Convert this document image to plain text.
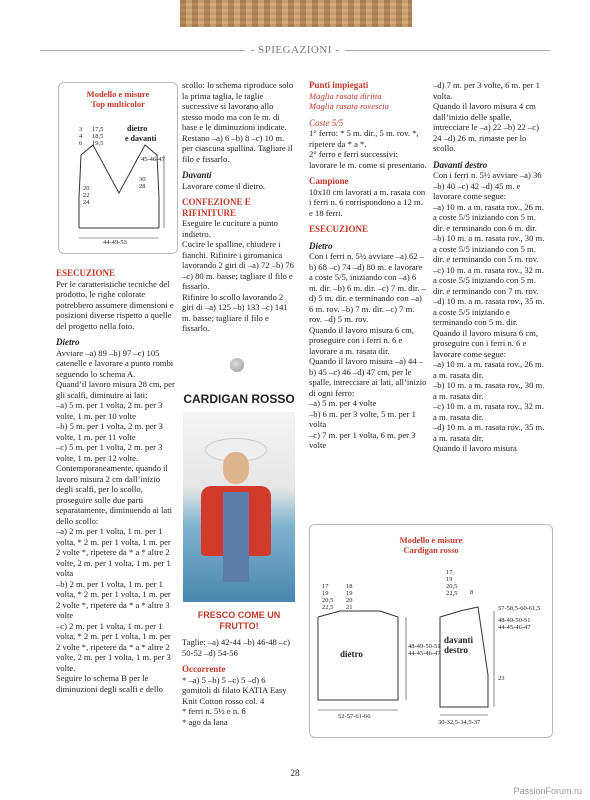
- SPIEGAZIONI -
Modello e misure
Top multicolor
3
4
6
17,5
18,5
19,5
dietro
e davanti
45-46-47
30
28
20
22
24
44-49-53

ESECUZIONE

Per le caratteristiche tecniche del prodotto, le righe colorate potrebbero assumere dimensioni e posizioni diverse rispetto a quelle del progetto nella foto.

Dietro

Avviare –a) 89 –b) 97 –c) 105 catenelle e lavorare a punto rombi seguendo lo schema A.

Quand’il lavoro misura 28 cm, per gli scalfi, diminuire ai lati:

–a) 5 m. per 1 volta, 2 m. per 3 volte, 1 m. per 10 volte

–b) 5 m. per 1 volta, 2 m. per 3 volte, 1 m. per 11 volte

–c) 5 m. per 1 volta, 2 m. per 3 volte, 1 m. per 12 volte.

Contemporaneamente, quando il lavoro misura 2 cm dall’inizio degli scalfi, per lo scollo, proseguire sulle due parti separatamente, diminuendo ai lati dello scollo:

–a) 2 m. per 1 volta, 1 m. per 1 volta, * 2 m. per 1 volta, 1 m. per 2 volte *, ripetere da * a * altre 2 volte, 2 m. per 1 volta, 1 m. per 1 volta

–b) 2 m. per 1 volta, 1 m. per 1 volta, * 2 m. per 1 volta, 1 m. per 2 volte *, ripetere da * a * altre 3 volte

–c) 2 m. per 1 volta, 1 m. per 1 volta, * 2 m. per 1 volta, 1 m. per 2 volte *, ripetere da * a * altre 2 volte, 2 m. per 1 volta, 1 m. per 3 volte.

Seguire lo schema B per le diminuzioni degli scalfi e dello

scollo: lo schema riproduce solo la prima taglia, le taglie successive si lavorano allo stesso modo ma con le m. di base e le diminuzioni indicate. Restano –a) 6 –b) 8 –c) 10 m. per ciascuna spallina. Tagliare il filo e fissarlo.

Davanti

Lavorare come il dietro.

CONFEZIONE E RIFINITURE

Eseguire le cuciture a punto indietro.

Cucire le spalline, chiudere i fianchi. Rifinire i giromanica lavorando 2 giri di –a) 72 –b) 76 –c) 80 m. basse; tagliare il filo e fissarlo.

Rifinire lo scollo lavorando 2 giri di –a) 125 –b) 133 –c) 141 m. basse; tagliare il filo e fissarlo.

CARDIGAN ROSSO

FRESCO COME UN FRUTTO!

Taglie: –a) 42-44 –b) 46-48 –c) 50-52 –d) 54-56

Occorrente

* –a) 5 –b) 5 –c) 5 –d) 6 gomitoli di filato KATIA Easy Knit Cotton rosso col. 4

* ferri n. 5½ e n. 6

* ago da lana

Punti impiegati

Maglia rasata diritta

Maglia rasata rovescia

Coste 5/5

1° ferro: * 5 m. dir., 5 m. rov. *, ripetere da * a *.

2° ferro e ferri successivi: lavorare le m. come si presentano.

Campione

10x10 cm lavorati a m. rasata con i ferri n. 6 corrispondono a 12 m. e 18 ferri.

ESECUZIONE

Dietro

Con i ferri n. 5½ avviare –a) 62 –b) 68 –c) 74 –d) 80 m. e lavorare a coste 5/5, iniziando con –a) 6 m. dir. –b) 6 m. dir. –c) 7 m. dir. –d) 5 m. dir. e terminando con –a) 6 m. rov. –b) 7 m. dir. –c) 7 m. rov. –d) 5 m. rov.

Quando il lavoro misura 6 cm, proseguire con i ferri n. 6 e lavorare a m. rasata dir.

Quando il lavoro misura –a) 44 –b) 45 –c) 46 –d) 47 cm, per le spalle, intrecciare ai lati, all’inizio di ogni ferro:

–a) 5 m. per 4 volte

–b) 6 m. per 3 volte, 5 m. per 1 volta

–c) 7 m. per 1 volta, 6 m. per 3 volte

–d) 7 m. per 3 volte, 6 m. per 1 volta.

Quando il lavoro misura 4 cm dall’inizio delle spalle, intrecciare le –a) 22 –b) 22 –c) 24 –d) 26 m. rimaste per lo scollo.

Davanti destro

Con i ferri n. 5½ avviare –a) 36 –b) 40 –c) 42 –d) 45 m. e lavorare come segue:

–a) 10 m. a m. rasata rov., 26 m. a coste 5/5 iniziando con 5 m. dir. e terminando con 6 m. dir.

–b) 10 m. a m. rasata rov., 30 m. a coste 5/5 iniziando con 5 m. dir. e terminando con 5 m. rov.

–c) 10 m. a m. rasata rov., 32 m. a coste 5/5 iniziando con 5 m. dir. e terminando con 7 m. rov.

–d) 10 m. a m. rasata rov., 35 m. a coste 5/5 iniziando e terminando con 5 m. dir.

Quando il lavoro misura 6 cm, proseguire con i ferri n. 6 e lavorare come segue:

–a) 10 m. a m. rasata rov., 26 m. a m. rasata dir.

–b) 10 m. a m. rasata rov., 30 m. a m. rasata dir.

–c) 10 m. a m. rasata rov., 32 m. a m. rasata dir.

–d) 10 m. a m. rasata rov., 35 m. a m. rasata dir.

Quando il lavoro misura

Modello e misure
Cardigan rosso
17
19
20,5
22,5
18
19
20
21
dietro
48-49-50-51
44-45-46-47
52-57-61-66
17
19
20,5
22,5 8
57-58,5-60-61,5
48-49-50-51
44-45-46-47
davanti
destro
23
30-32,5-34,5-37
28
PassionForum.ru
